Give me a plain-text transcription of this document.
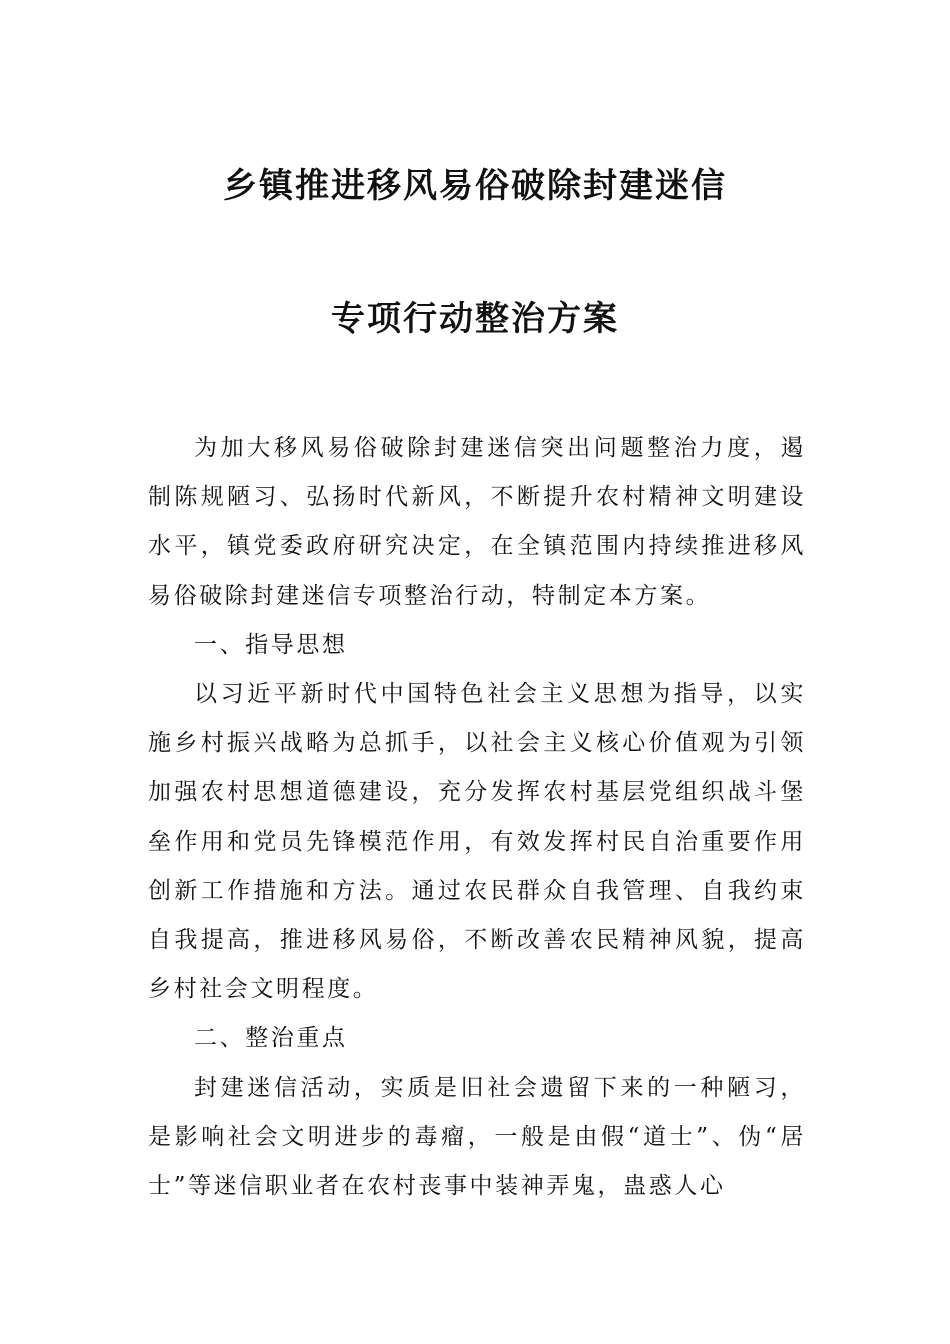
乡镇推进移风易俗破除封建迷信
专项行动整治方案

为加大移风易俗破除封建迷信突出问题整治力度，遏制陈规陋习、弘扬时代新风，不断提升农村精神文明建设水平，镇党委政府研究决定，在全镇范围内持续推进移风易俗破除封建迷信专项整治行动，特制定本方案。

一、指导思想

以习近平新时代中国特色社会主义思想为指导，以实施乡村振兴战略为总抓手，以社会主义核心价值观为引领加强农村思想道德建设，充分发挥农村基层党组织战斗堡垒作用和党员先锋模范作用，有效发挥村民自治重要作用创新工作措施和方法。通过农民群众自我管理、自我约束自我提高，推进移风易俗，不断改善农民精神风貌，提高乡村社会文明程度。

二、整治重点

封建迷信活动，实质是旧社会遗留下来的一种陋习，是影响社会文明进步的毒瘤，一般是由假“道士”、伪“居士”等迷信职业者在农村丧事中装神弄鬼，蛊惑人心
